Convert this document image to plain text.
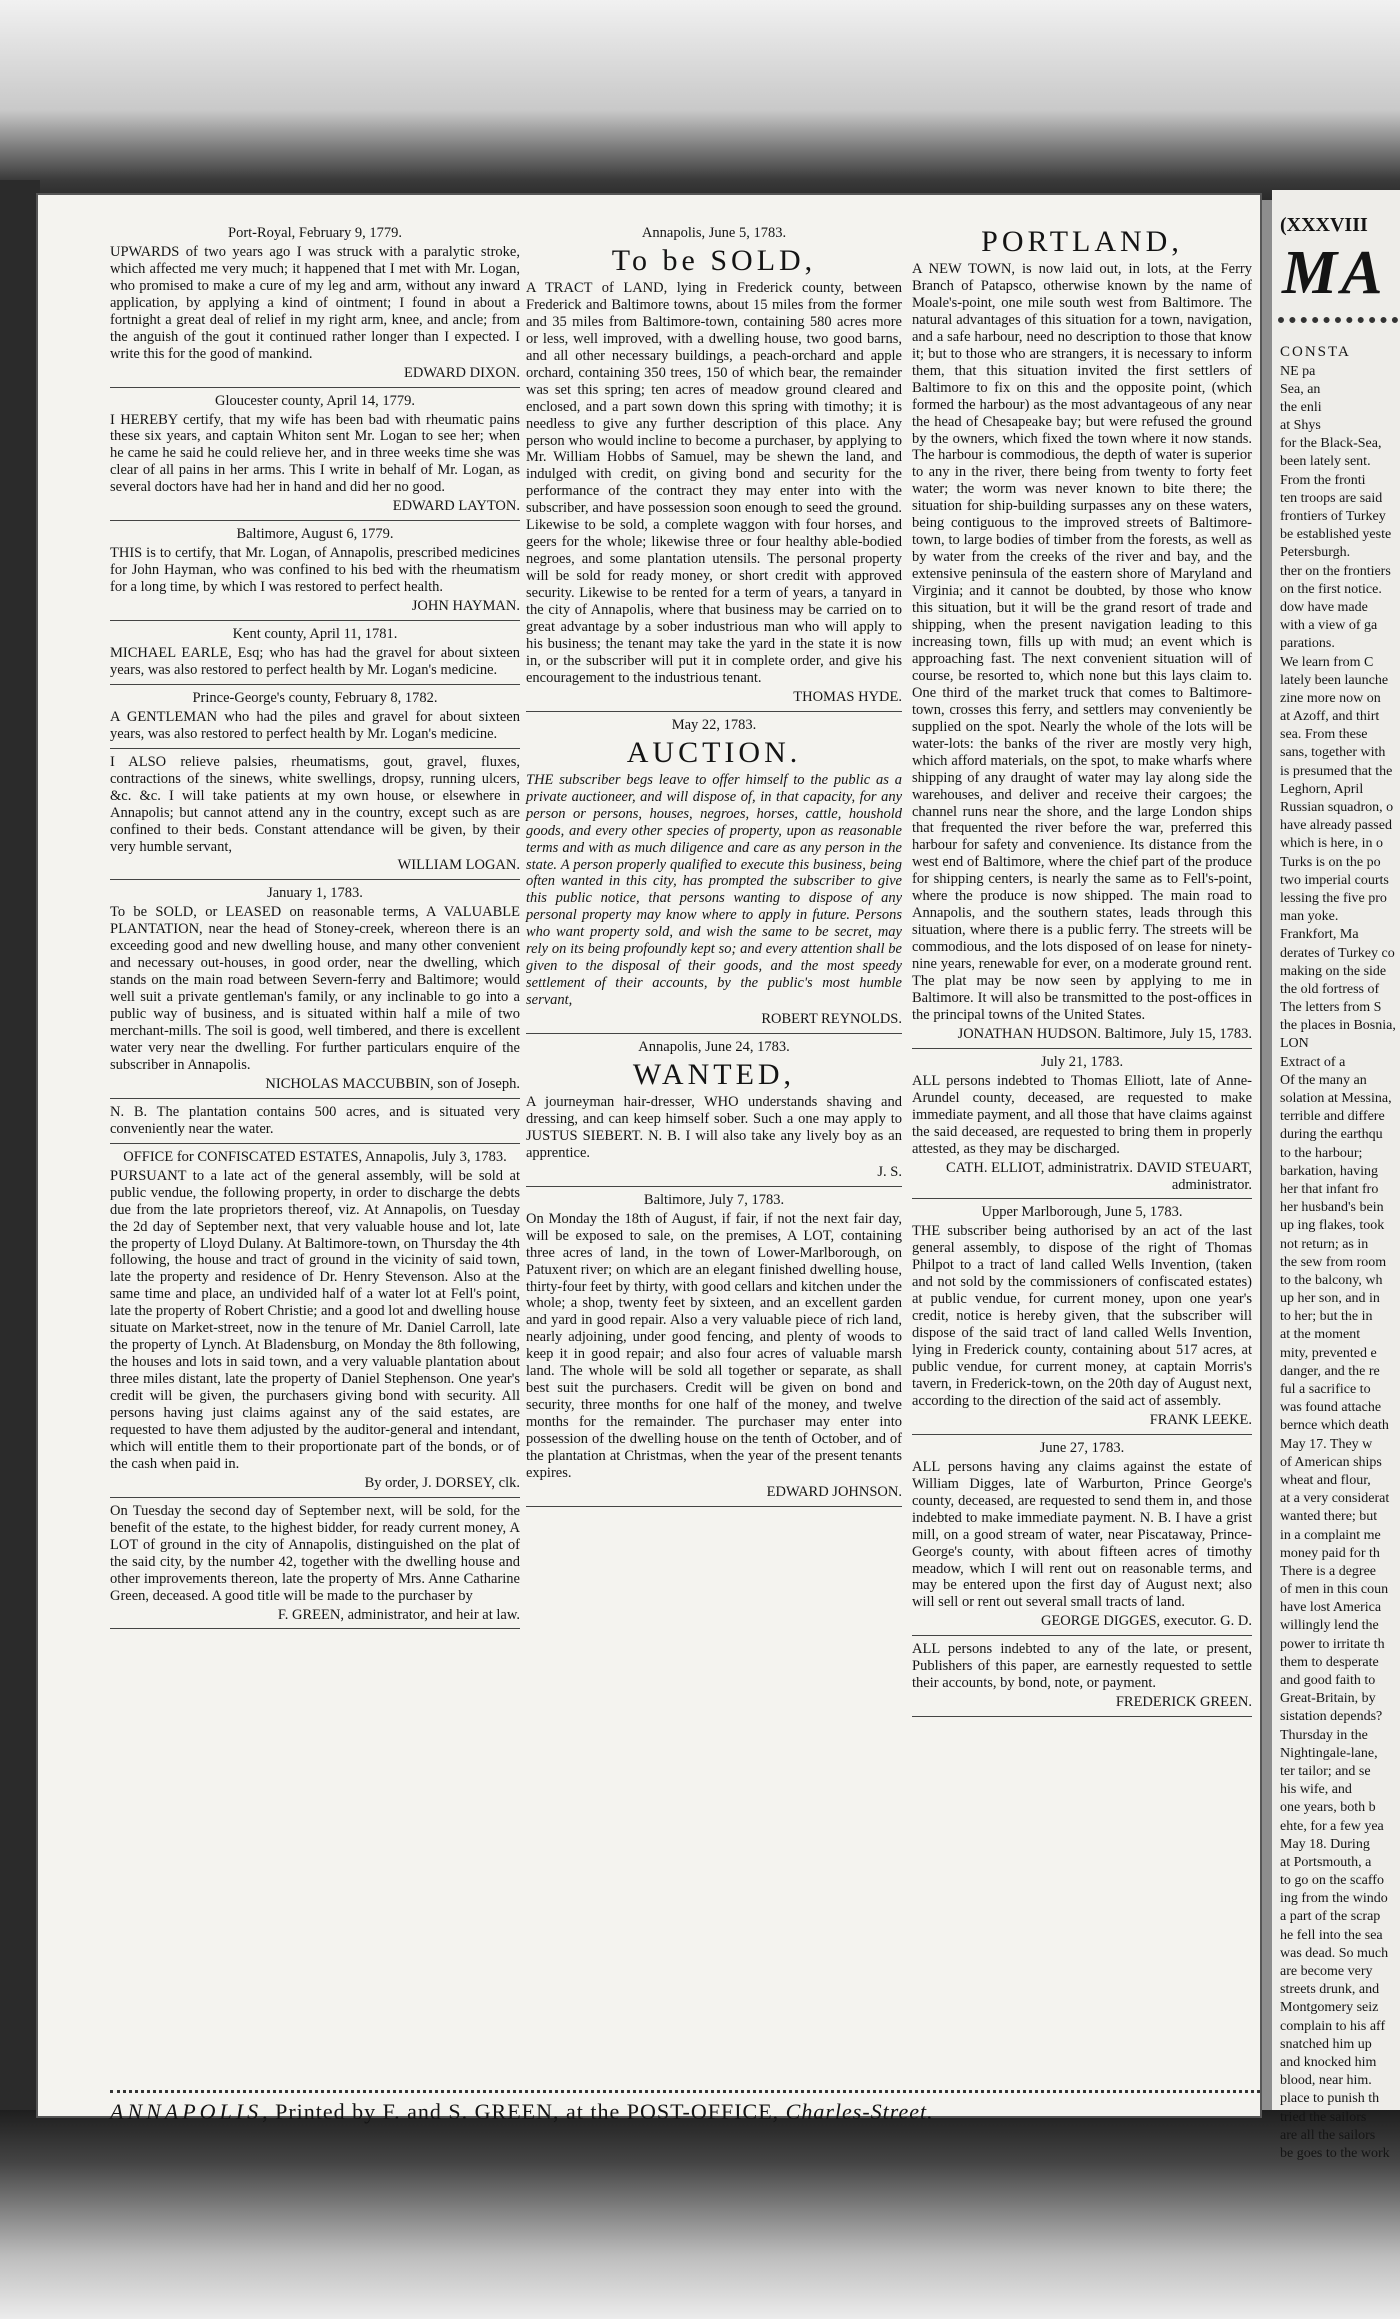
Port-Royal, February 9, 1779.

UPWARDS of two years ago I was struck with a paralytic stroke, which affected me very much; it happened that I met with Mr. Logan, who promised to make a cure of my leg and arm, without any inward application, by applying a kind of ointment; I found in about a fortnight a great deal of relief in my right arm, knee, and ancle; from the anguish of the gout it continued rather longer than I expected. I write this for the good of mankind.

EDWARD DIXON.

Gloucester county, April 14, 1779.

I HEREBY certify, that my wife has been bad with rheumatic pains these six years, and captain Whiton sent Mr. Logan to see her; when he came he said he could relieve her, and in three weeks time she was clear of all pains in her arms. This I write in behalf of Mr. Logan, as several doctors have had her in hand and did her no good.

EDWARD LAYTON.

Baltimore, August 6, 1779.

THIS is to certify, that Mr. Logan, of Annapolis, prescribed medicines for John Hayman, who was confined to his bed with the rheumatism for a long time, by which I was restored to perfect health.

JOHN HAYMAN.

Kent county, April 11, 1781.

MICHAEL EARLE, Esq; who has had the gravel for about sixteen years, was also restored to perfect health by Mr. Logan's medicine.

Prince-George's county, February 8, 1782.

A GENTLEMAN who had the piles and gravel for about sixteen years, was also restored to perfect health by Mr. Logan's medicine.

I ALSO relieve palsies, rheumatisms, gout, gravel, fluxes, contractions of the sinews, white swellings, dropsy, running ulcers, &c. &c. I will take patients at my own house, or elsewhere in Annapolis; but cannot attend any in the country, except such as are confined to their beds. Constant attendance will be given, by their very humble servant,

WILLIAM LOGAN.

January 1, 1783.

To be SOLD, or LEASED on reasonable terms, A VALUABLE PLANTATION, near the head of Stoney-creek, whereon there is an exceeding good and new dwelling house, and many other convenient and necessary out-houses, in good order, near the dwelling, which stands on the main road between Severn-ferry and Baltimore; would well suit a private gentleman's family, or any inclinable to go into a public way of business, and is situated within half a mile of two merchant-mills. The soil is good, well timbered, and there is excellent water very near the dwelling. For further particulars enquire of the subscriber in Annapolis.

NICHOLAS MACCUBBIN, son of Joseph.

N. B. The plantation contains 500 acres, and is situated very conveniently near the water.

OFFICE for CONFISCATED ESTATES, Annapolis, July 3, 1783.

PURSUANT to a late act of the general assembly, will be sold at public vendue, the following property, in order to discharge the debts due from the late proprietors thereof, viz. At Annapolis, on Tuesday the 2d day of September next, that very valuable house and lot, late the property of Lloyd Dulany. At Baltimore-town, on Thursday the 4th following, the house and tract of ground in the vicinity of said town, late the property and residence of Dr. Henry Stevenson. Also at the same time and place, an undivided half of a water lot at Fell's point, late the property of Robert Christie; and a good lot and dwelling house situate on Market-street, now in the tenure of Mr. Daniel Carroll, late the property of Lynch. At Bladensburg, on Monday the 8th following, the houses and lots in said town, and a very valuable plantation about three miles distant, late the property of Daniel Stephenson. One year's credit will be given, the purchasers giving bond with security. All persons having just claims against any of the said estates, are requested to have them adjusted by the auditor-general and intendant, which will entitle them to their proportionate part of the bonds, or of the cash when paid in.

By order, J. DORSEY, clk.

On Tuesday the second day of September next, will be sold, for the benefit of the estate, to the highest bidder, for ready current money, A LOT of ground in the city of Annapolis, distinguished on the plat of the said city, by the number 42, together with the dwelling house and other improvements thereon, late the property of Mrs. Anne Catharine Green, deceased. A good title will be made to the purchaser by

F. GREEN, administrator, and heir at law.

Annapolis, June 5, 1783.

To be SOLD,

A TRACT of LAND, lying in Frederick county, between Frederick and Baltimore towns, about 15 miles from the former and 35 miles from Baltimore-town, containing 580 acres more or less, well improved, with a dwelling house, two good barns, and all other necessary buildings, a peach-orchard and apple orchard, containing 350 trees, 150 of which bear, the remainder was set this spring; ten acres of meadow ground cleared and enclosed, and a part sown down this spring with timothy; it is needless to give any further description of this place. Any person who would incline to become a purchaser, by applying to Mr. William Hobbs of Samuel, may be shewn the land, and indulged with credit, on giving bond and security for the performance of the contract they may enter into with the subscriber, and have possession soon enough to seed the ground. Likewise to be sold, a complete waggon with four horses, and geers for the whole; likewise three or four healthy able-bodied negroes, and some plantation utensils. The personal property will be sold for ready money, or short credit with approved security. Likewise to be rented for a term of years, a tanyard in the city of Annapolis, where that business may be carried on to great advantage by a sober industrious man who will apply to his business; the tenant may take the yard in the state it is now in, or the subscriber will put it in complete order, and give his encouragement to the industrious tenant.

THOMAS HYDE.

May 22, 1783.

AUCTION.

THE subscriber begs leave to offer himself to the public as a private auctioneer, and will dispose of, in that capacity, for any person or persons, houses, negroes, horses, cattle, houshold goods, and every other species of property, upon as reasonable terms and with as much diligence and care as any person in the state. A person properly qualified to execute this business, being often wanted in this city, has prompted the subscriber to give this public notice, that persons wanting to dispose of any personal property may know where to apply in future. Persons who want property sold, and wish the same to be secret, may rely on its being profoundly kept so; and every attention shall be given to the disposal of their goods, and the most speedy settlement of their accounts, by the public's most humble servant,

ROBERT REYNOLDS.

Annapolis, June 24, 1783.

WANTED,

A journeyman hair-dresser, WHO understands shaving and dressing, and can keep himself sober. Such a one may apply to JUSTUS SIEBERT. N. B. I will also take any lively boy as an apprentice.

J. S.

Baltimore, July 7, 1783.

On Monday the 18th of August, if fair, if not the next fair day, will be exposed to sale, on the premises, A LOT, containing three acres of land, in the town of Lower-Marlborough, on Patuxent river; on which are an elegant finished dwelling house, thirty-four feet by thirty, with good cellars and kitchen under the whole; a shop, twenty feet by sixteen, and an excellent garden and yard in good repair. Also a very valuable piece of rich land, nearly adjoining, under good fencing, and plenty of woods to keep it in good repair; and also four acres of valuable marsh land. The whole will be sold all together or separate, as shall best suit the purchasers. Credit will be given on bond and security, three months for one half of the money, and twelve months for the remainder. The purchaser may enter into possession of the dwelling house on the tenth of October, and of the plantation at Christmas, when the year of the present tenants expires.

EDWARD JOHNSON.

PORTLAND,

A NEW TOWN, is now laid out, in lots, at the Ferry Branch of Patapsco, otherwise known by the name of Moale's-point, one mile south west from Baltimore. The natural advantages of this situation for a town, navigation, and a safe harbour, need no description to those that know it; but to those who are strangers, it is necessary to inform them, that this situation invited the first settlers of Baltimore to fix on this and the opposite point, (which formed the harbour) as the most advantageous of any near the head of Chesapeake bay; but were refused the ground by the owners, which fixed the town where it now stands. The harbour is commodious, the depth of water is superior to any in the river, there being from twenty to forty feet water; the worm was never known to bite there; the situation for ship-building surpasses any on these waters, being contiguous to the improved streets of Baltimore-town, to large bodies of timber from the forests, as well as by water from the creeks of the river and bay, and the extensive peninsula of the eastern shore of Maryland and Virginia; and it cannot be doubted, by those who know this situation, but it will be the grand resort of trade and shipping, when the present navigation leading to this increasing town, fills up with mud; an event which is approaching fast. The next convenient situation will of course, be resorted to, which none but this lays claim to. One third of the market truck that comes to Baltimore-town, crosses this ferry, and settlers may conveniently be supplied on the spot. Nearly the whole of the lots will be water-lots: the banks of the river are mostly very high, which afford materials, on the spot, to make wharfs where shipping of any draught of water may lay along side the warehouses, and deliver and receive their cargoes; the channel runs near the shore, and the large London ships that frequented the river before the war, preferred this harbour for safety and convenience. Its distance from the west end of Baltimore, where the chief part of the produce for shipping centers, is nearly the same as to Fell's-point, where the produce is now shipped. The main road to Annapolis, and the southern states, leads through this situation, where there is a public ferry. The streets will be commodious, and the lots disposed of on lease for ninety-nine years, renewable for ever, on a moderate ground rent. The plat may be now seen by applying to me in Baltimore. It will also be transmitted to the post-offices in the principal towns of the United States.

JONATHAN HUDSON. Baltimore, July 15, 1783.

July 21, 1783.

ALL persons indebted to Thomas Elliott, late of Anne-Arundel county, deceased, are requested to make immediate payment, and all those that have claims against the said deceased, are requested to bring them in properly attested, as they may be discharged.

CATH. ELLIOT, administratrix. DAVID STEUART, administrator.

Upper Marlborough, June 5, 1783.

THE subscriber being authorised by an act of the last general assembly, to dispose of the right of Thomas Philpot to a tract of land called Wells Invention, (taken and not sold by the commissioners of confiscated estates) at public vendue, for current money, upon one year's credit, notice is hereby given, that the subscriber will dispose of the said tract of land called Wells Invention, lying in Frederick county, containing about 517 acres, at public vendue, for current money, at captain Morris's tavern, in Frederick-town, on the 20th day of August next, according to the direction of the said act of assembly.

FRANK LEEKE.

June 27, 1783.

ALL persons having any claims against the estate of William Digges, late of Warburton, Prince George's county, deceased, are requested to send them in, and those indebted to make immediate payment. N. B. I have a grist mill, on a good stream of water, near Piscataway, Prince-George's county, with about fifteen acres of timothy meadow, which I will rent out on reasonable terms, and may be entered upon the first day of August next; also will sell or rent out several small tracts of land.

GEORGE DIGGES, executor. G. D.

ALL persons indebted to any of the late, or present, Publishers of this paper, are earnestly requested to settle their accounts, by bond, note, or payment.

FREDERICK GREEN.

ANNAPOLIS, Printed by F. and S. GREEN, at the POST-OFFICE, Charles-Street.
(XXXVIII
MA
CONSTA
NE pa
Sea, an
the enli
at Shys
for the Black-Sea,
been lately sent.
From the fronti
ten troops are said
frontiers of Turkey
be established yeste
Petersburgh.
ther on the frontiers
on the first notice.
dow have made
with a view of ga
parations.
We learn from C
lately been launche
zine more now on
at Azoff, and thirt
sea. From these
sans, together with
is presumed that the
Leghorn, April
Russian squadron, o
have already passed
which is here, in o
Turks is on the po
two imperial courts
lessing the five pro
man yoke.
Frankfort, Ma
derates of Turkey co
making on the side
the old fortress of
The letters from S
the places in Bosnia,
LON
Extract of a
Of the many an
solation at Messina,
terrible and differe
during the earthqu
to the harbour;
barkation, having
her that infant fro
her husband's bein
up ing flakes, took
not return; as in
the sew from room
to the balcony, wh
up her son, and in
to her; but the in
at the moment
mity, prevented e
danger, and the re
ful a sacrifice to
was found attache
bernce which death
May 17. They w
of American ships
wheat and flour,
at a very considerat
wanted there; but
in a complaint me
money paid for th
There is a degree
of men in this coun
have lost America
willingly lend the
power to irritate th
them to desperate
and good faith to
Great-Britain, by
sistation depends?
Thursday in the
Nightingale-lane,
ter tailor; and se
his wife, and
one years, both b
ehte, for a few yea
May 18. During
at Portsmouth, a
to go on the scaffo
ing from the windo
a part of the scrap
he fell into the sea
was dead. So much
are become very
streets drunk, and
Montgomery seiz
complain to his aff
snatched him up
and knocked him
blood, near him.
place to punish th
tried the sailors
are all the sailors
be goes to the work
